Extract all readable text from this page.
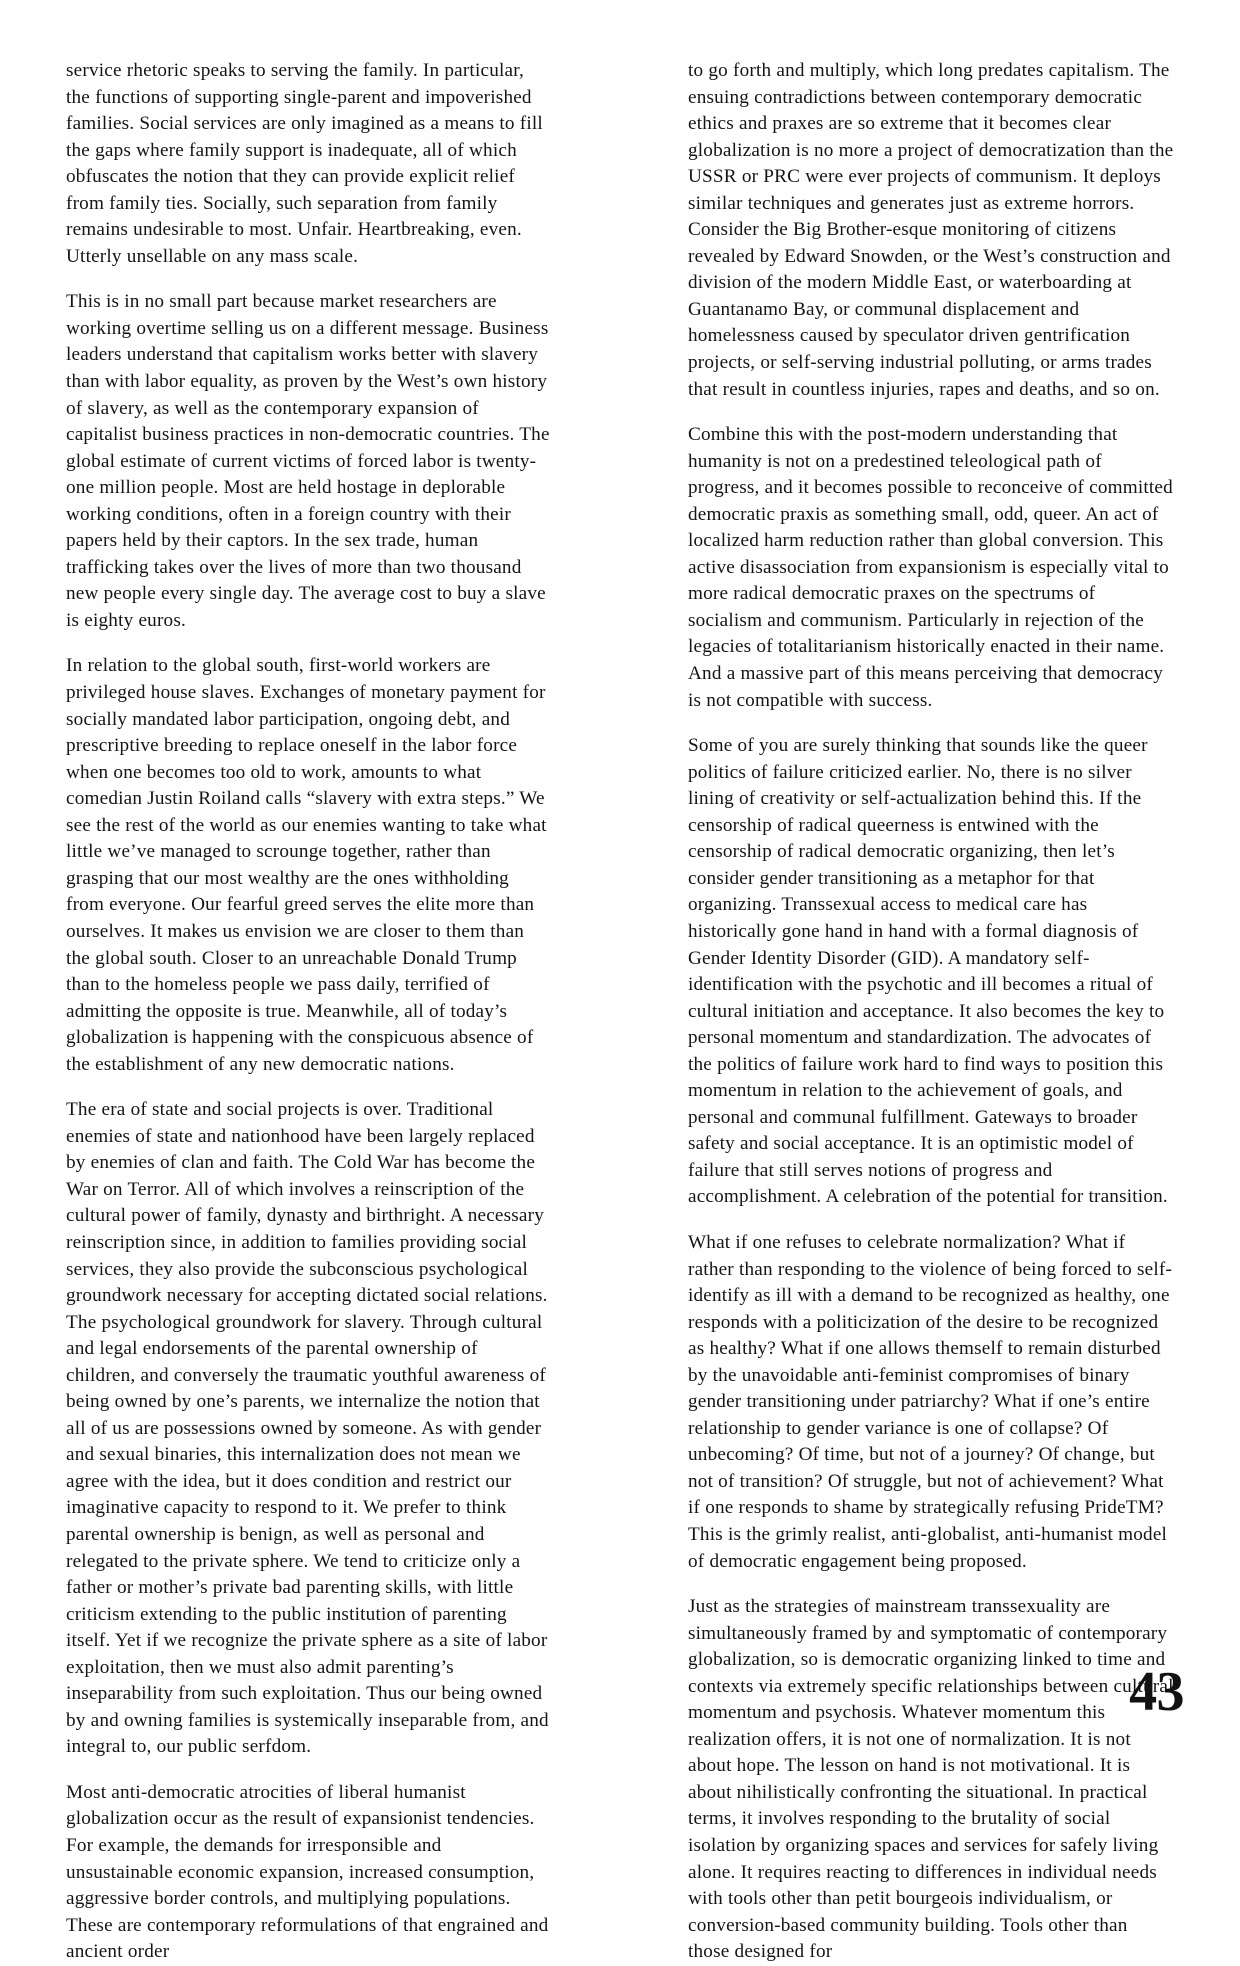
service rhetoric speaks to serving the family. In particular, the functions of supporting single-parent and impoverished families. Social services are only imagined as a means to fill the gaps where family support is inadequate, all of which obfuscates the notion that they can provide explicit relief from family ties. Socially, such separation from family remains undesirable to most. Unfair. Heartbreaking, even. Utterly unsellable on any mass scale.

This is in no small part because market researchers are working overtime selling us on a different message. Business leaders understand that capitalism works better with slavery than with labor equality, as proven by the West’s own history of slavery, as well as the contemporary expansion of capitalist business practices in non-democratic countries. The global estimate of current victims of forced labor is twenty-one million people. Most are held hostage in deplorable working conditions, often in a foreign country with their papers held by their captors. In the sex trade, human trafficking takes over the lives of more than two thousand new people every single day. The average cost to buy a slave is eighty euros.

In relation to the global south, first-world workers are privileged house slaves. Exchanges of monetary payment for socially mandated labor participation, ongoing debt, and prescriptive breeding to replace oneself in the labor force when one becomes too old to work, amounts to what comedian Justin Roiland calls “slavery with extra steps.” We see the rest of the world as our enemies wanting to take what little we’ve managed to scrounge together, rather than grasping that our most wealthy are the ones withholding from everyone. Our fearful greed serves the elite more than ourselves. It makes us envision we are closer to them than the global south. Closer to an unreachable Donald Trump than to the homeless people we pass daily, terrified of admitting the opposite is true. Meanwhile, all of today’s globalization is happening with the conspicuous absence of the establishment of any new democratic nations.

The era of state and social projects is over. Traditional enemies of state and nationhood have been largely replaced by enemies of clan and faith. The Cold War has become the War on Terror. All of which involves a reinscription of the cultural power of family, dynasty and birthright. A necessary reinscription since, in addition to families providing social services, they also provide the subconscious psychological groundwork necessary for accepting dictated social relations. The psychological groundwork for slavery. Through cultural and legal endorsements of the parental ownership of children, and conversely the traumatic youthful awareness of being owned by one’s parents, we internalize the notion that all of us are possessions owned by someone. As with gender and sexual binaries, this internalization does not mean we agree with the idea, but it does condition and restrict our imaginative capacity to respond to it. We prefer to think parental ownership is benign, as well as personal and relegated to the private sphere. We tend to criticize only a father or mother’s private bad parenting skills, with little criticism extending to the public institution of parenting itself. Yet if we recognize the private sphere as a site of labor exploitation, then we must also admit parenting’s inseparability from such exploitation. Thus our being owned by and owning families is systemically inseparable from, and integral to, our public serfdom.

Most anti-democratic atrocities of liberal humanist globalization occur as the result of expansionist tendencies. For example, the demands for irresponsible and unsustainable economic expansion, increased consumption, aggressive border controls, and multiplying populations. These are contemporary reformulations of that engrained and ancient order

to go forth and multiply, which long predates capitalism. The ensuing contradictions between contemporary democratic ethics and praxes are so extreme that it becomes clear globalization is no more a project of democratization than the USSR or PRC were ever projects of communism. It deploys similar techniques and generates just as extreme horrors. Consider the Big Brother-esque monitoring of citizens revealed by Edward Snowden, or the West’s construction and division of the modern Middle East, or waterboarding at Guantanamo Bay, or communal displacement and homelessness caused by speculator driven gentrification projects, or self-serving industrial polluting, or arms trades that result in countless injuries, rapes and deaths, and so on.

Combine this with the post-modern understanding that humanity is not on a predestined teleological path of progress, and it becomes possible to reconceive of committed democratic praxis as something small, odd, queer. An act of localized harm reduction rather than global conversion. This active disassociation from expansionism is especially vital to more radical democratic praxes on the spectrums of socialism and communism. Particularly in rejection of the legacies of totalitarianism historically enacted in their name. And a massive part of this means perceiving that democracy is not compatible with success.

Some of you are surely thinking that sounds like the queer politics of failure criticized earlier. No, there is no silver lining of creativity or self-actualization behind this. If the censorship of radical queerness is entwined with the censorship of radical democratic organizing, then let’s consider gender transitioning as a metaphor for that organizing. Transsexual access to medical care has historically gone hand in hand with a formal diagnosis of Gender Identity Disorder (GID). A mandatory self-identification with the psychotic and ill becomes a ritual of cultural initiation and acceptance. It also becomes the key to personal momentum and standardization. The advocates of the politics of failure work hard to find ways to position this momentum in relation to the achievement of goals, and personal and communal fulfillment. Gateways to broader safety and social acceptance. It is an optimistic model of failure that still serves notions of progress and accomplishment. A celebration of the potential for transition.

What if one refuses to celebrate normalization? What if rather than responding to the violence of being forced to self-identify as ill with a demand to be recognized as healthy, one responds with a politicization of the desire to be recognized as healthy? What if one allows themself to remain disturbed by the unavoidable anti-feminist compromises of binary gender transitioning under patriarchy? What if one’s entire relationship to gender variance is one of collapse? Of unbecoming? Of time, but not of a journey? Of change, but not of transition? Of struggle, but not of achievement? What if one responds to shame by strategically refusing PrideTM? This is the grimly realist, anti-globalist, anti-humanist model of democratic engagement being proposed.

Just as the strategies of mainstream transsexuality are simultaneously framed by and symptomatic of contemporary globalization, so is democratic organizing linked to time and contexts via extremely specific relationships between cultural momentum and psychosis. Whatever momentum this realization offers, it is not one of normalization. It is not about hope. The lesson on hand is not motivational. It is about nihilistically confronting the situational. In practical terms, it involves responding to the brutality of social isolation by organizing spaces and services for safely living alone. It requires reacting to differences in individual needs with tools other than petit bourgeois individualism, or conversion-based community building. Tools other than those designed for

43
